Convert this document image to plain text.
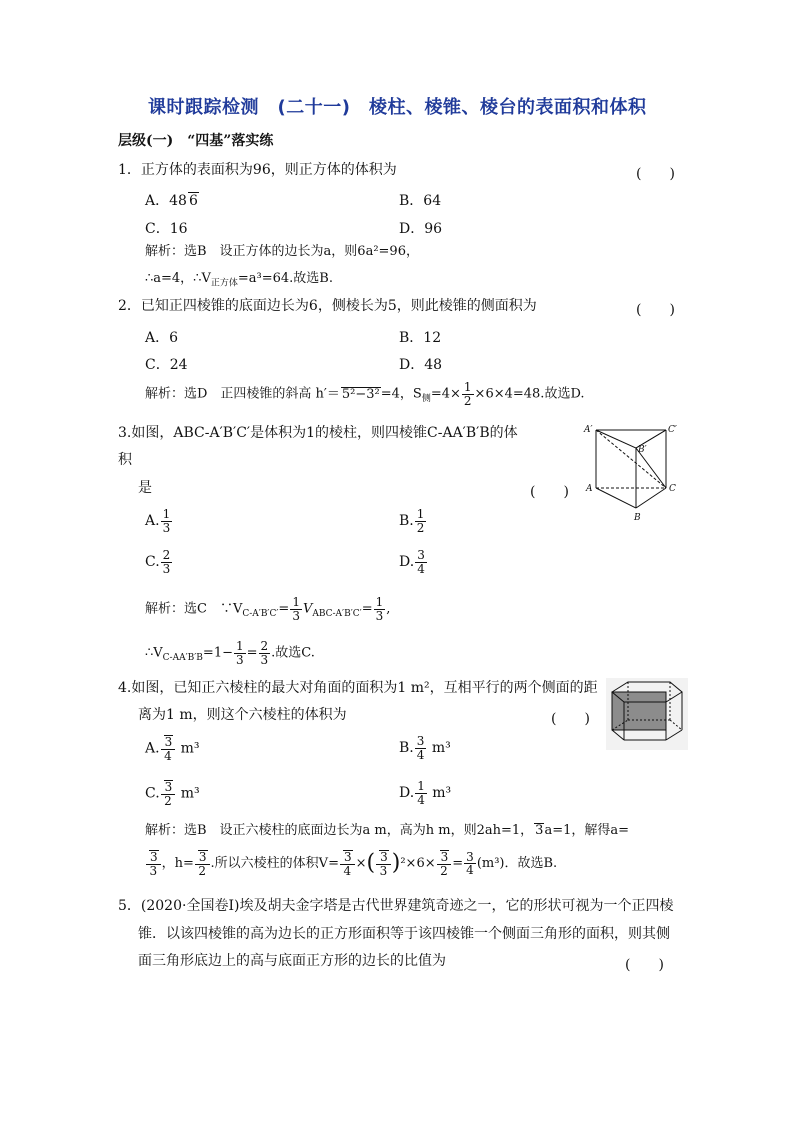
课时跟踪检测　(二十一)　棱柱、棱锥、棱台的表面积和体积
层级(一)　“四基”落实练
1．正方体的表面积为96，则正方体的体积为	(　　)
A．48 6	B．64
C．16	D．96
解析：选B　设正方体的边长为a，则6a²=96，
∴a=4，$\therefore V_{正方体}=a^3=64$.故选B.
2．已知正四棱锥的底面边长为6，侧棱长为5，则此棱锥的侧面积为	(　　)
A．6	B．12
C．24	D．48
解析：选D　正四棱锥的斜高 h′＝ 5²−3²=4，$S_侧=4\times \frac{1}{2} \times 6\times 4=48$.故选D.
3.如图，ABC-A′B′C′是体积为1的棱柱，则四棱锥C-AA′B′B的体
积
是	(　　)
A. $\frac{1}{3}$	B. $\frac{1}{2}$
C. $\frac{2}{3}$	D. $\frac{3}{4}$
解析：选C　$\because V_{C-A'B'C'}= \frac{1}{3} V_{ABC-A'B'C'}= \frac{1}{3}$ ,
$\therefore V_{C-AA'B'B}=1- \frac{1}{3} = \frac{2}{3}$ .故选C.
A′	C′
B′
A	C
B
4.如图，已知正六棱柱的最大对角面的面积为1 m²，互相平行的两个侧面的距
离为1 m，则这个六棱柱的体积为	(　　)
A. $\frac{3}{4} m^3$	B. $\frac{3}{4} m^3$
C. $\frac{3}{2} m^3$	D. $\frac{1}{4} m^3$
解析：选B　设正六棱柱的底面边长为a m，高为h m，则2ah=1， 3a=1，解得a=
$\frac{3}{3}$ ，$h= \frac{3}{2}$ .所以六棱柱的体积$V= \frac{3}{4}$ ×( $\frac{3}{3} )^2\times 6\times \frac{3}{2} = \frac{3}{4} (m^3)$．故选B.
5．(2020·全国卷Ⅰ)埃及胡夫金字塔是古代世界建筑奇迹之一，它的形状可视为一个正四棱
锥．以该四棱锥的高为边长的正方形面积等于该四棱锥一个侧面三角形的面积，则其侧
面三角形底边上的高与底面正方形的边长的比值为	(　　)
